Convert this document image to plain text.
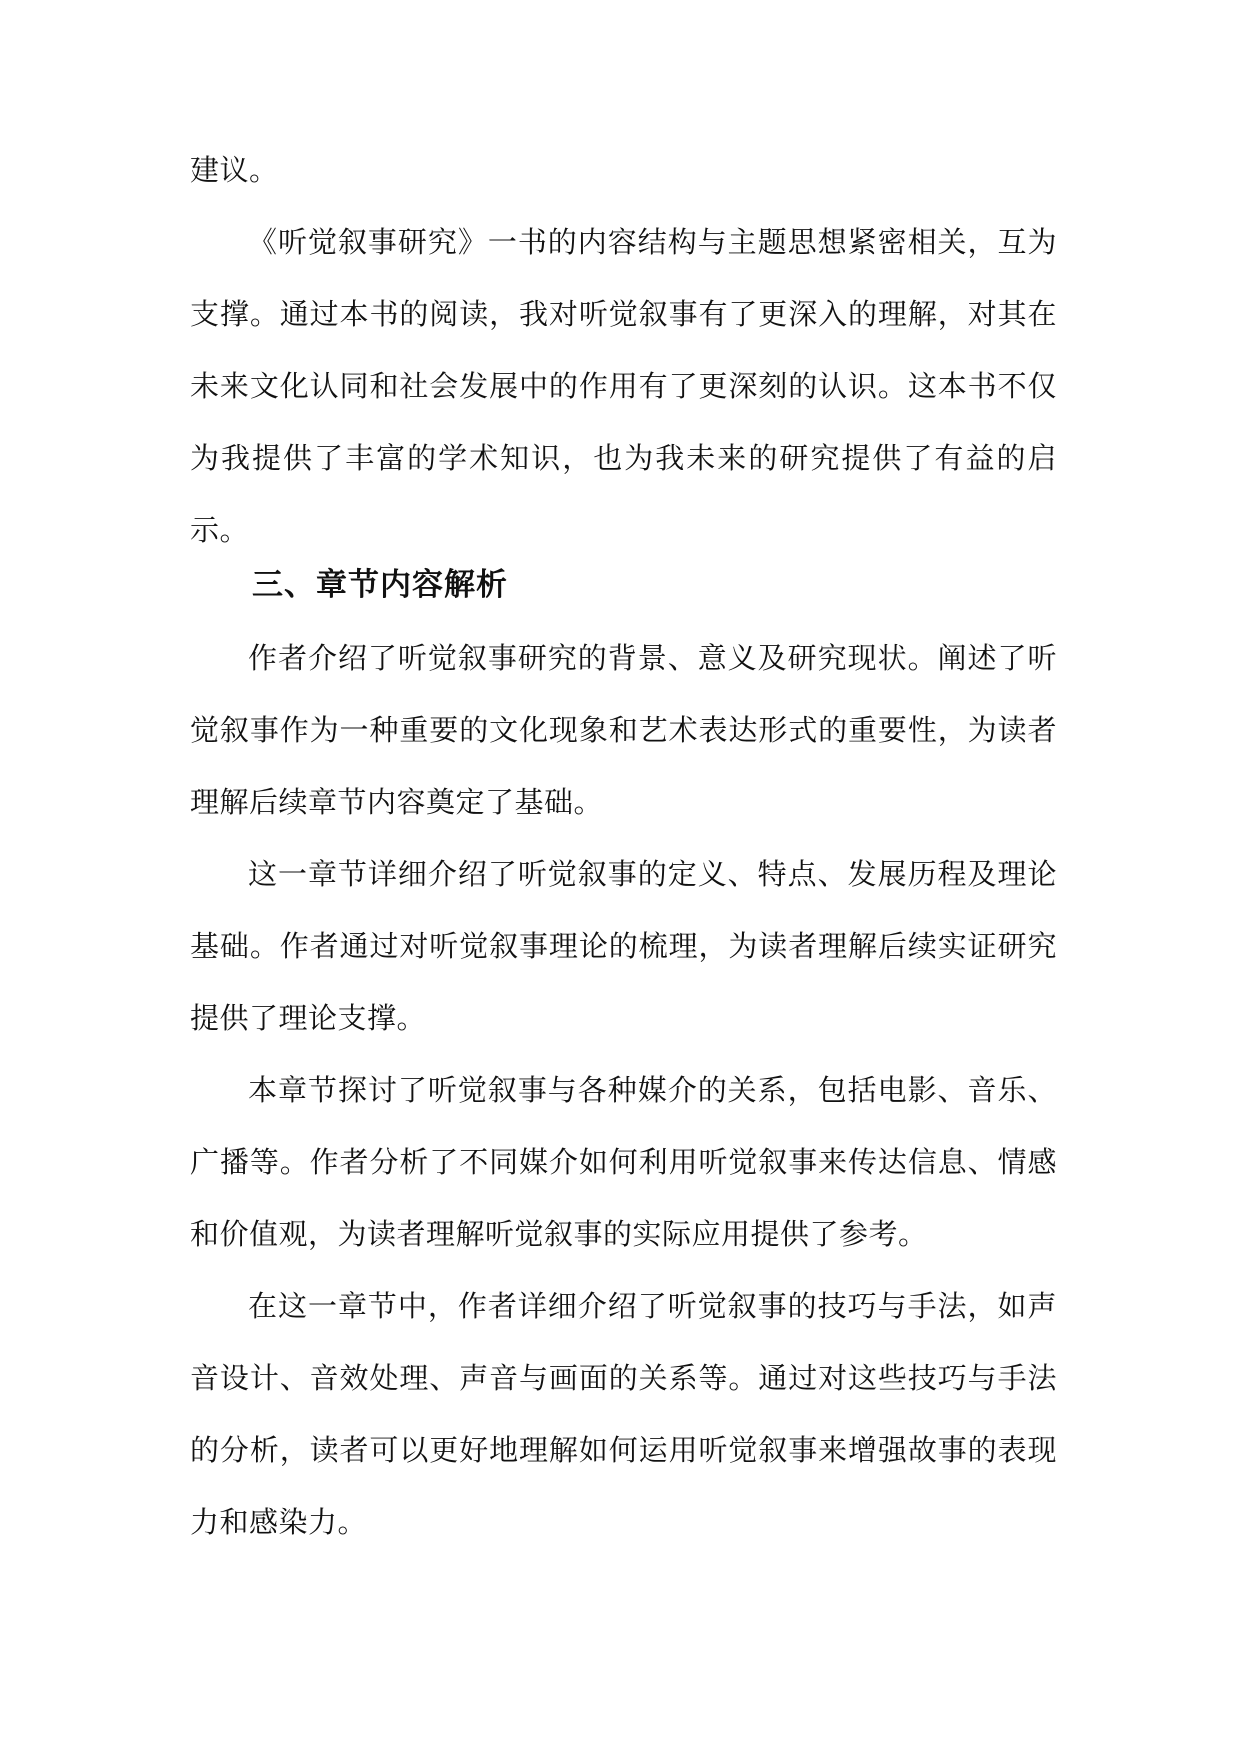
建议。
《听觉叙事研究》一书的内容结构与主题思想紧密相关，互为支撑。通过本书的阅读，我对听觉叙事有了更深入的理解，对其在未来文化认同和社会发展中的作用有了更深刻的认识。这本书不仅为我提供了丰富的学术知识，也为我未来的研究提供了有益的启示。
三、章节内容解析
作者介绍了听觉叙事研究的背景、意义及研究现状。阐述了听觉叙事作为一种重要的文化现象和艺术表达形式的重要性，为读者理解后续章节内容奠定了基础。
这一章节详细介绍了听觉叙事的定义、特点、发展历程及理论基础。作者通过对听觉叙事理论的梳理，为读者理解后续实证研究提供了理论支撑。
本章节探讨了听觉叙事与各种媒介的关系，包括电影、音乐、广播等。作者分析了不同媒介如何利用听觉叙事来传达信息、情感和价值观，为读者理解听觉叙事的实际应用提供了参考。
在这一章节中，作者详细介绍了听觉叙事的技巧与手法，如声音设计、音效处理、声音与画面的关系等。通过对这些技巧与手法的分析，读者可以更好地理解如何运用听觉叙事来增强故事的表现力和感染力。
